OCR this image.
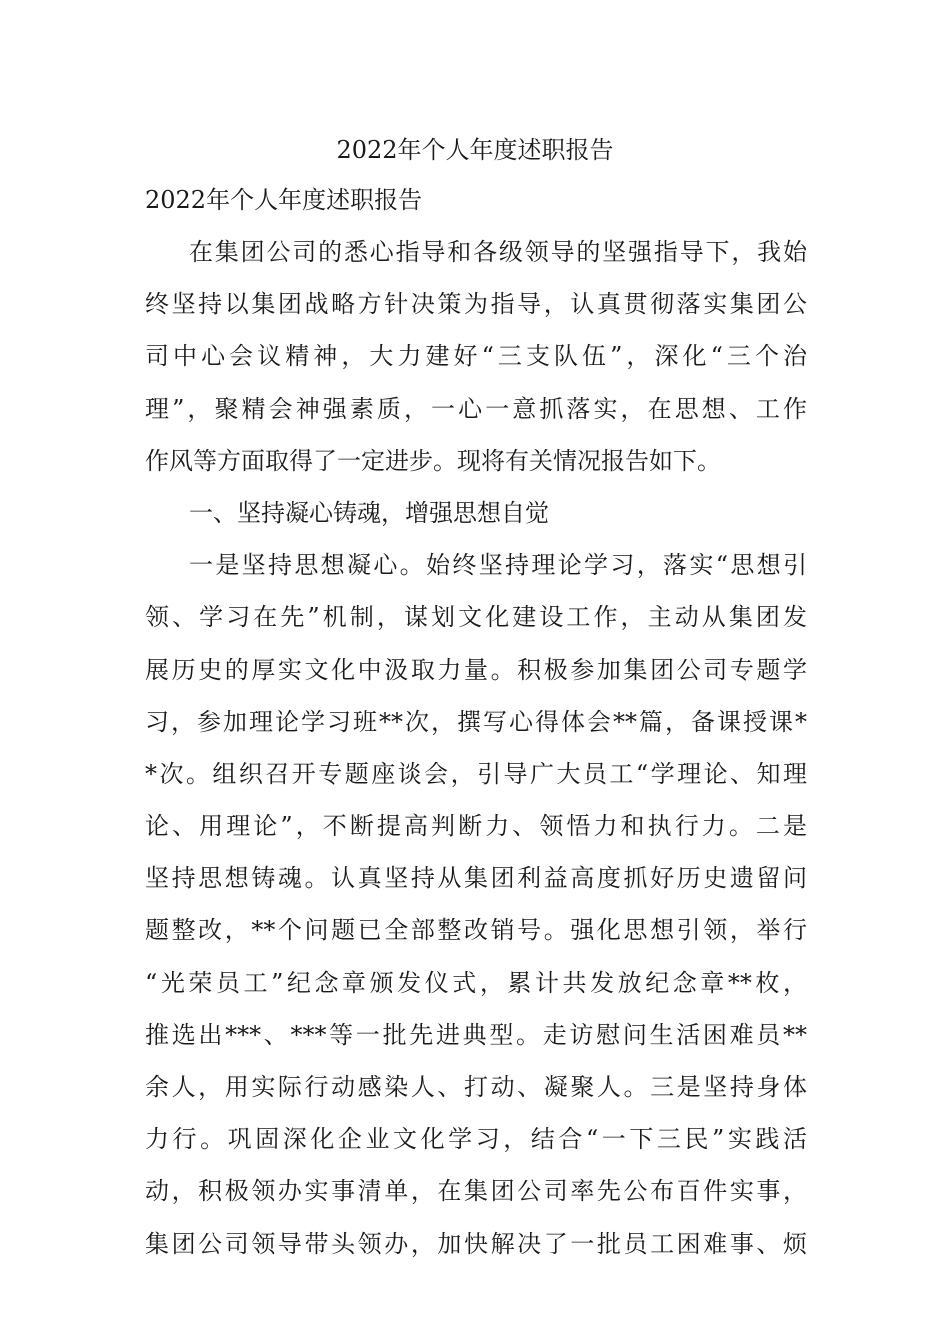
2022年个人年度述职报告
2022年个人年度述职报告
在集团公司的悉心指导和各级领导的坚强指导下，我始
终坚持以集团战略方针决策为指导，认真贯彻落实集团公
司中心会议精神，大力建好“三支队伍”，深化“三个治
理”，聚精会神强素质，一心一意抓落实，在思想、工作
作风等方面取得了一定进步。现将有关情况报告如下。
一、坚持凝心铸魂，增强思想自觉
一是坚持思想凝心。始终坚持理论学习，落实“思想引
领、学习在先”机制，谋划文化建设工作，主动从集团发
展历史的厚实文化中汲取力量。积极参加集团公司专题学
习，参加理论学习班**次，撰写心得体会**篇，备课授课*
*次。组织召开专题座谈会，引导广大员工“学理论、知理
论、用理论”，不断提高判断力、领悟力和执行力。二是
坚持思想铸魂。认真坚持从集团利益高度抓好历史遗留问
题整改，**个问题已全部整改销号。强化思想引领，举行
“光荣员工”纪念章颁发仪式，累计共发放纪念章**枚，
推选出***、***等一批先进典型。走访慰问生活困难员**
余人，用实际行动感染人、打动、凝聚人。三是坚持身体
力行。巩固深化企业文化学习，结合“一下三民”实践活
动，积极领办实事清单，在集团公司率先公布百件实事，
集团公司领导带头领办，加快解决了一批员工困难事、烦
